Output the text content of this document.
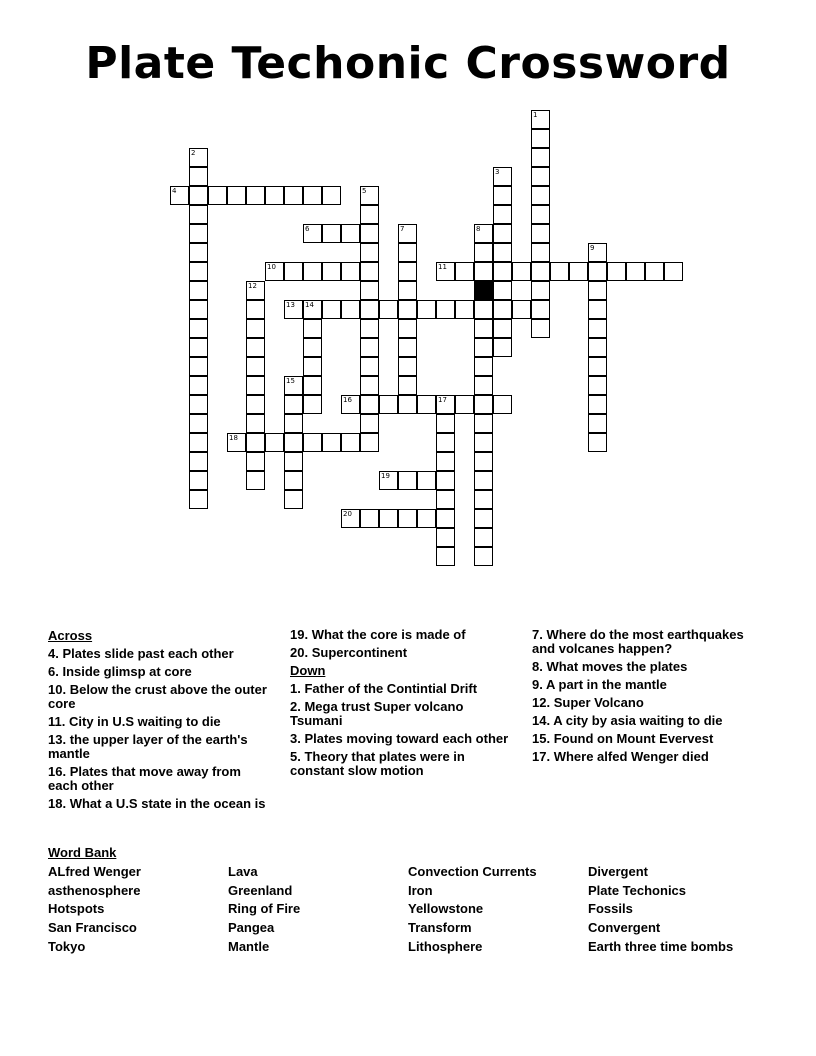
Plate Techonic Crossword
1
2
3
4	5
6	7	8
9
10	11
12
13 14
15
16	17
18
19
20
Across
4. Plates slide past each other
6. Inside glimsp at core
10. Below the crust above the outer core
11. City in U.S waiting to die
13. the upper layer of the earth's mantle
16. Plates that move away from each other
18. What a U.S state in the ocean is
19. What the core is made of
20. Supercontinent
Down
1. Father of the Contintial Drift
2. Mega trust Super volcano Tsumani
3. Plates moving toward each other
5. Theory that plates were in constant slow motion
7. Where do the most earthquakes and volcanes happen?
8. What moves the plates
9. A part in the mantle
12. Super Volcano
14. A city by asia waiting to die
15. Found on Mount Evervest
17. Where alfed Wenger died
Word Bank
ALfred Wenger	Lava	Convection Currents	Divergent
asthenosphere	Greenland	Iron	Plate Techonics
Hotspots	Ring of Fire	Yellowstone	Fossils
San Francisco	Pangea	Transform	Convergent
Tokyo	Mantle	Lithosphere	Earth three time bombs
